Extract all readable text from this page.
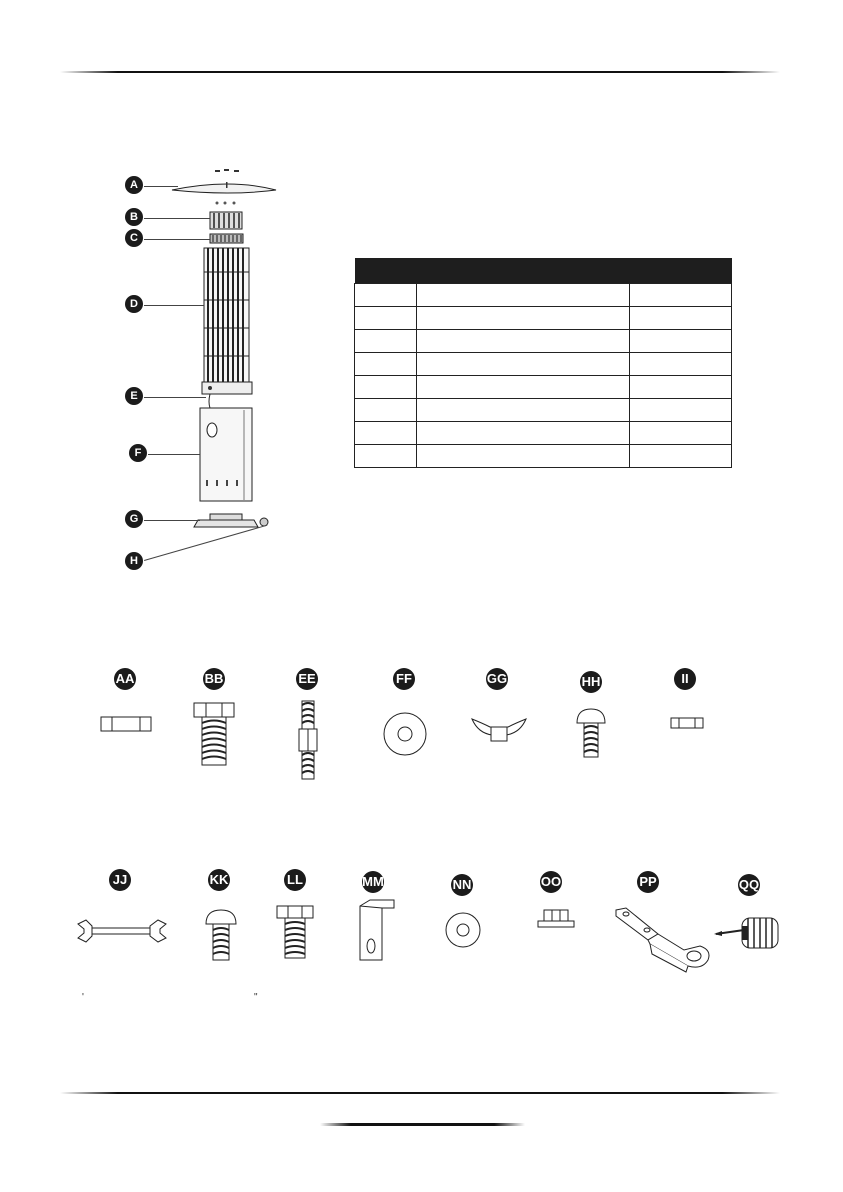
A
B
C
D
E
F
G
H

AA	BB	EE	FF	GG	HH	II
JJ	KK	LL	MM	NN	OO	PP	QQ
'	"
